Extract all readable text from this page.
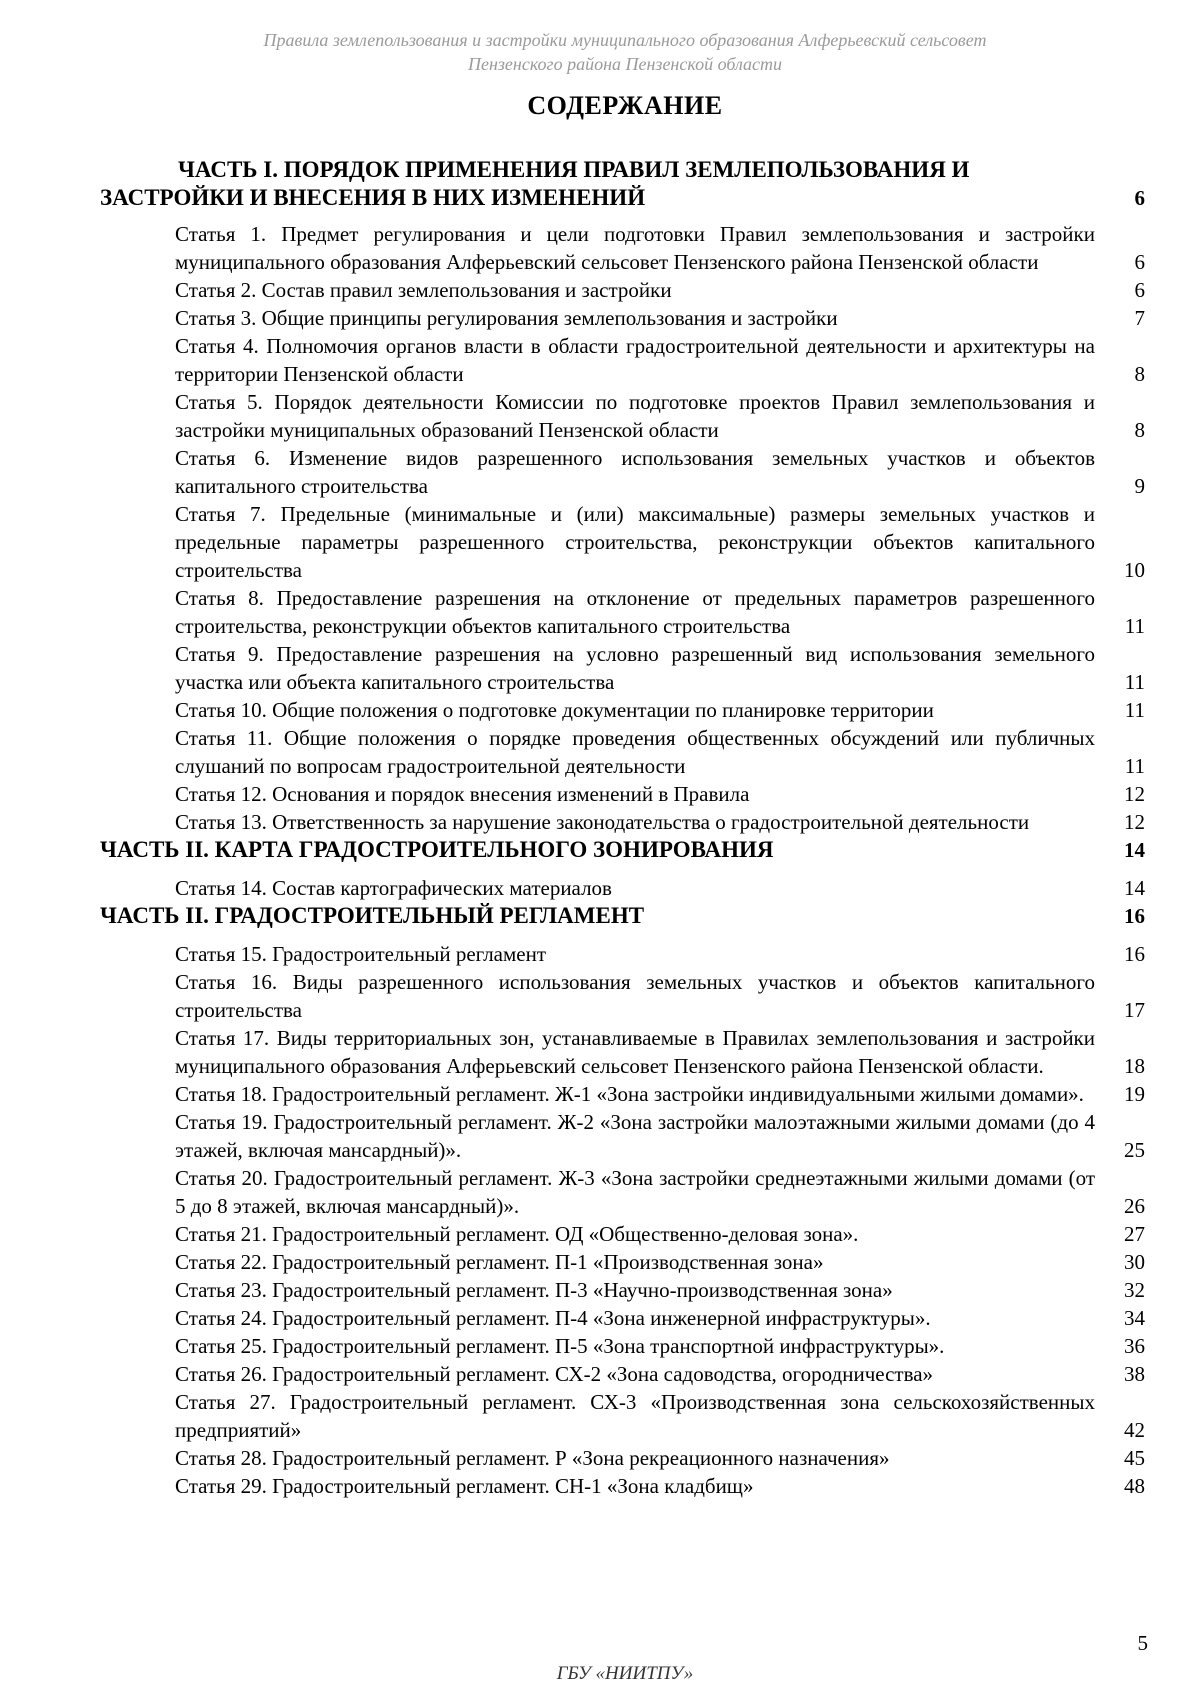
Правила землепользования и застройки муниципального образования Алферьевский сельсовет
Пензенского района Пензенской области
СОДЕРЖАНИЕ
ЧАСТЬ I. ПОРЯДОК ПРИМЕНЕНИЯ ПРАВИЛ ЗЕМЛЕПОЛЬЗОВАНИЯ И
ЗАСТРОЙКИ И ВНЕСЕНИЯ В НИХ ИЗМЕНЕНИЙ	6
Статья 1. Предмет регулирования и цели подготовки Правил землепользования и застройки муниципального образования Алферьевский сельсовет Пензенского района Пензенской области	6
Статья 2. Состав правил землепользования и застройки	6
Статья 3. Общие принципы регулирования землепользования и застройки	7
Статья 4. Полномочия органов власти в области градостроительной деятельности и архитектуры на территории Пензенской области	8
Статья 5. Порядок деятельности Комиссии по подготовке проектов Правил землепользования и застройки муниципальных образований Пензенской области	8
Статья 6. Изменение видов разрешенного использования земельных участков и объектов капитального строительства	9
Статья 7. Предельные (минимальные и (или) максимальные) размеры земельных участков и предельные параметры разрешенного строительства, реконструкции объектов капитального строительства	10
Статья 8. Предоставление разрешения на отклонение от предельных параметров разрешенного строительства, реконструкции объектов капитального строительства	11
Статья 9. Предоставление разрешения на условно разрешенный вид использования земельного участка или объекта капитального строительства	11
Статья 10. Общие положения о подготовке документации по планировке территории	11
Статья 11. Общие положения о порядке проведения общественных обсуждений или публичных слушаний по вопросам градостроительной деятельности	11
Статья 12. Основания и порядок внесения изменений в Правила	12
Статья 13. Ответственность за нарушение законодательства о градостроительной деятельности	12
ЧАСТЬ II. КАРТА ГРАДОСТРОИТЕЛЬНОГО ЗОНИРОВАНИЯ	14
Статья 14. Состав картографических материалов	14
ЧАСТЬ II. ГРАДОСТРОИТЕЛЬНЫЙ РЕГЛАМЕНТ	16
Статья 15. Градостроительный регламент	16
Статья 16. Виды разрешенного использования земельных участков и объектов капитального строительства	17
Статья 17. Виды территориальных зон, устанавливаемые в Правилах землепользования и застройки муниципального образования Алферьевский сельсовет Пензенского района Пензенской области.	18
Статья 18. Градостроительный регламент. Ж-1 «Зона застройки индивидуальными жилыми домами».	19
Статья 19. Градостроительный регламент. Ж-2 «Зона застройки малоэтажными жилыми домами (до 4 этажей, включая мансардный)».	25
Статья 20. Градостроительный регламент. Ж-3 «Зона застройки среднеэтажными жилыми домами (от 5 до 8 этажей, включая мансардный)».	26
Статья 21. Градостроительный регламент. ОД «Общественно-деловая зона».	27
Статья 22. Градостроительный регламент. П-1 «Производственная зона»	30
Статья 23. Градостроительный регламент. П-3 «Научно-производственная зона»	32
Статья 24. Градостроительный регламент. П-4 «Зона инженерной инфраструктуры».	34
Статья 25. Градостроительный регламент. П-5 «Зона транспортной инфраструктуры».	36
Статья 26. Градостроительный регламент. СХ-2 «Зона садоводства, огородничества»	38
Статья 27. Градостроительный регламент. СХ-3 «Производственная зона сельскохозяйственных предприятий»	42
Статья 28. Градостроительный регламент. Р «Зона рекреационного назначения»	45
Статья 29. Градостроительный регламент. СН-1 «Зона кладбищ»	48
5
ГБУ «НИИТПУ»
